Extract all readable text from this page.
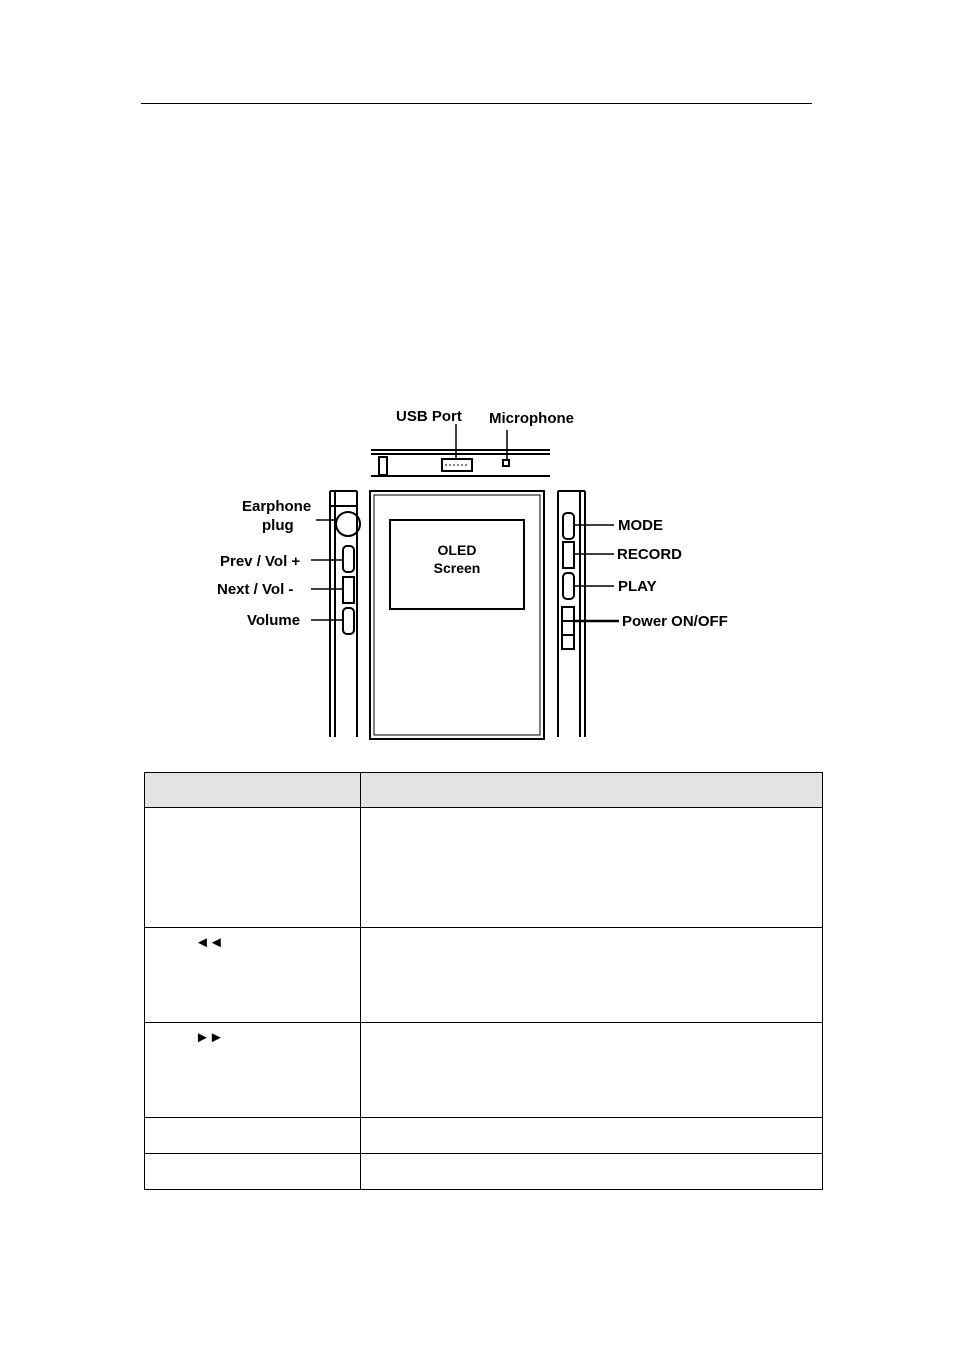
USB Port Microphone
Earphone
plug
Prev / Vol +
Next / Vol -
Volume
OLED
Screen
MODE
RECORD
PLAY
Power ON/OFF

◄◄	
►►	
